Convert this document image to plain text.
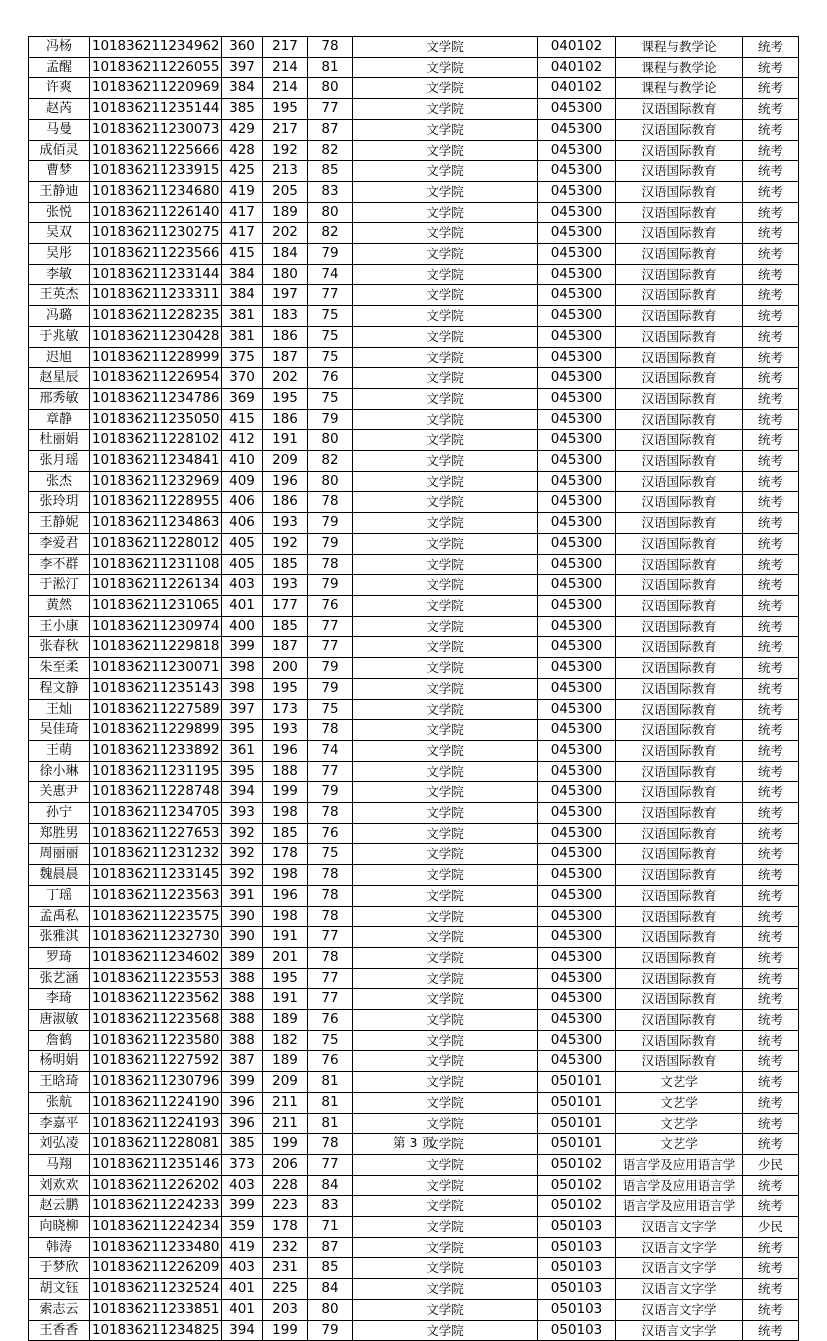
冯杨	101836211234962	360	217	78	文学院	040102	课程与教学论	统考
孟醒	101836211226055	397	214	81	文学院	040102	课程与教学论	统考
许爽	101836211220969	384	214	80	文学院	040102	课程与教学论	统考
赵芮	101836211235144	385	195	77	文学院	045300	汉语国际教育	统考
马曼	101836211230073	429	217	87	文学院	045300	汉语国际教育	统考
成佰灵	101836211225666	428	192	82	文学院	045300	汉语国际教育	统考
曹梦	101836211233915	425	213	85	文学院	045300	汉语国际教育	统考
王静迪	101836211234680	419	205	83	文学院	045300	汉语国际教育	统考
张悦	101836211226140	417	189	80	文学院	045300	汉语国际教育	统考
吴双	101836211230275	417	202	82	文学院	045300	汉语国际教育	统考
吴彤	101836211223566	415	184	79	文学院	045300	汉语国际教育	统考
李敏	101836211233144	384	180	74	文学院	045300	汉语国际教育	统考
王英杰	101836211233311	384	197	77	文学院	045300	汉语国际教育	统考
冯璐	101836211228235	381	183	75	文学院	045300	汉语国际教育	统考
于兆敏	101836211230428	381	186	75	文学院	045300	汉语国际教育	统考
迟旭	101836211228999	375	187	75	文学院	045300	汉语国际教育	统考
赵星辰	101836211226954	370	202	76	文学院	045300	汉语国际教育	统考
邢秀敏	101836211234786	369	195	75	文学院	045300	汉语国际教育	统考
章静	101836211235050	415	186	79	文学院	045300	汉语国际教育	统考
杜丽娟	101836211228102	412	191	80	文学院	045300	汉语国际教育	统考
张月瑶	101836211234841	410	209	82	文学院	045300	汉语国际教育	统考
张杰	101836211232969	409	196	80	文学院	045300	汉语国际教育	统考
张玲玥	101836211228955	406	186	78	文学院	045300	汉语国际教育	统考
王静妮	101836211234863	406	193	79	文学院	045300	汉语国际教育	统考
李爱君	101836211228012	405	192	79	文学院	045300	汉语国际教育	统考
李不群	101836211231108	405	185	78	文学院	045300	汉语国际教育	统考
于淞汀	101836211226134	403	193	79	文学院	045300	汉语国际教育	统考
黄然	101836211231065	401	177	76	文学院	045300	汉语国际教育	统考
王小康	101836211230974	400	185	77	文学院	045300	汉语国际教育	统考
张春秋	101836211229818	399	187	77	文学院	045300	汉语国际教育	统考
朱至柔	101836211230071	398	200	79	文学院	045300	汉语国际教育	统考
程文静	101836211235143	398	195	79	文学院	045300	汉语国际教育	统考
王灿	101836211227589	397	173	75	文学院	045300	汉语国际教育	统考
吴佳琦	101836211229899	395	193	78	文学院	045300	汉语国际教育	统考
王萌	101836211233892	361	196	74	文学院	045300	汉语国际教育	统考
徐小琳	101836211231195	395	188	77	文学院	045300	汉语国际教育	统考
关惠尹	101836211228748	394	199	79	文学院	045300	汉语国际教育	统考
孙宁	101836211234705	393	198	78	文学院	045300	汉语国际教育	统考
郑胜男	101836211227653	392	185	76	文学院	045300	汉语国际教育	统考
周丽丽	101836211231232	392	178	75	文学院	045300	汉语国际教育	统考
魏晨晨	101836211233145	392	198	78	文学院	045300	汉语国际教育	统考
丁瑶	101836211223563	391	196	78	文学院	045300	汉语国际教育	统考
孟禹私	101836211223575	390	198	78	文学院	045300	汉语国际教育	统考
张雅淇	101836211232730	390	191	77	文学院	045300	汉语国际教育	统考
罗琦	101836211234602	389	201	78	文学院	045300	汉语国际教育	统考
张艺涵	101836211223553	388	195	77	文学院	045300	汉语国际教育	统考
李琦	101836211223562	388	191	77	文学院	045300	汉语国际教育	统考
唐淑敏	101836211223568	388	189	76	文学院	045300	汉语国际教育	统考
詹鹤	101836211223580	388	182	75	文学院	045300	汉语国际教育	统考
杨明娟	101836211227592	387	189	76	文学院	045300	汉语国际教育	统考
王晗琦	101836211230796	399	209	81	文学院	050101	文艺学	统考
张航	101836211224190	396	211	81	文学院	050101	文艺学	统考
李嘉平	101836211224193	396	211	81	文学院	050101	文艺学	统考
刘弘凌	101836211228081	385	199	78	文学院	050101	文艺学	统考
马翔	101836211235146	373	206	77	文学院	050102	语言学及应用语言学	少民
刘欢欢	101836211226202	403	228	84	文学院	050102	语言学及应用语言学	统考
赵云鹏	101836211224233	399	223	83	文学院	050102	语言学及应用语言学	统考
向晓柳	101836211224234	359	178	71	文学院	050103	汉语言文字学	少民
韩涛	101836211233480	419	232	87	文学院	050103	汉语言文字学	统考
于梦欣	101836211226209	403	231	85	文学院	050103	汉语言文字学	统考
胡文钰	101836211232524	401	225	84	文学院	050103	汉语言文字学	统考
索志云	101836211233851	401	203	80	文学院	050103	汉语言文字学	统考
王香香	101836211234825	394	199	79	文学院	050103	汉语言文字学	统考
第 3 页
